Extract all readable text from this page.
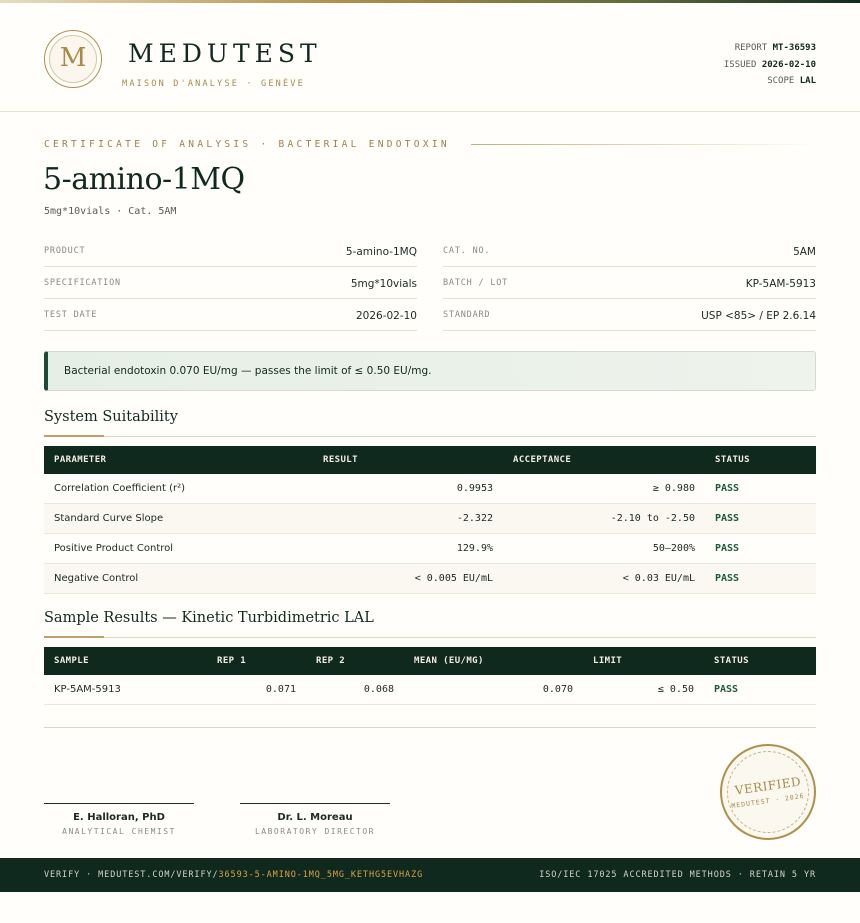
M	MEDUTEST
MAISON D'ANALYSE · GENÈVE
REPORT MT-36593
ISSUED 2026-02-10
SCOPE LAL
CERTIFICATE OF ANALYSIS · BACTERIAL ENDOTOXIN
5-amino-1MQ
5mg*10vials · Cat. 5AM
PRODUCT	5-amino-1MQ
SPECIFICATION	5mg*10vials
TEST DATE	2026-02-10
CAT. NO.	5AM
BATCH / LOT	KP-5AM-5913
STANDARD	USP <85> / EP 2.6.14
Bacterial endotoxin 0.070 EU/mg — passes the limit of ≤ 0.50 EU/mg.
System Suitability
PARAMETER	RESULT	ACCEPTANCE	STATUS
Correlation Coefficient (r²)	0.9953	≥ 0.980	PASS
Standard Curve Slope	-2.322	-2.10 to -2.50	PASS
Positive Product Control	129.9%	50–200%	PASS
Negative Control	< 0.005 EU/mL	< 0.03 EU/mL	PASS
Sample Results — Kinetic Turbidimetric LAL
SAMPLE	REP 1	REP 2	MEAN (EU/MG)	LIMIT	STATUS
KP-5AM-5913	0.071	0.068	0.070	≤ 0.50	PASS
E. Halloran, PhD
ANALYTICAL CHEMIST
Dr. L. Moreau
LABORATORY DIRECTOR
VERIFIED
MEDUTEST · 2026
VERIFY · MEDUTEST.COM/VERIFY/36593-5-AMINO-1MQ_5MG_KETHG5EVHAZG	ISO/IEC 17025 ACCREDITED METHODS · RETAIN 5 YR
